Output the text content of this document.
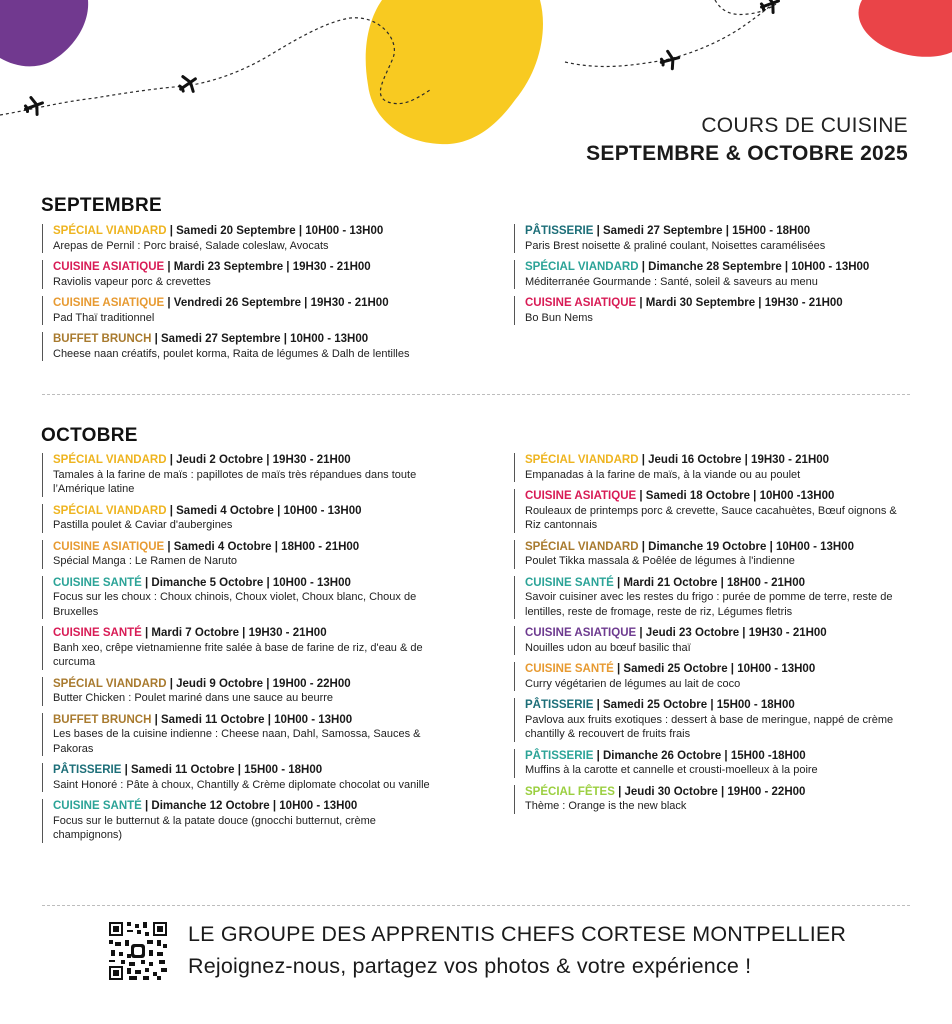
COURS DE CUISINE
SEPTEMBRE & OCTOBRE 2025
SEPTEMBRE
SPÉCIAL VIANDARD | Samedi 20 Septembre | 10H00 - 13H00
Arepas de Pernil : Porc braisé, Salade coleslaw, Avocats
CUISINE ASIATIQUE | Mardi 23 Septembre | 19H30 - 21H00
Raviolis vapeur porc & crevettes
CUISINE ASIATIQUE | Vendredi 26 Septembre | 19H30 - 21H00
Pad Thaï traditionnel
BUFFET BRUNCH | Samedi 27 Septembre | 10H00 - 13H00
Cheese naan créatifs, poulet korma, Raita de légumes & Dalh de lentilles
PÂTISSERIE | Samedi 27 Septembre | 15H00 - 18H00
Paris Brest noisette & praliné coulant, Noisettes caramélisées
SPÉCIAL VIANDARD | Dimanche 28 Septembre | 10H00 - 13H00
Méditerranée Gourmande : Santé, soleil & saveurs au menu
CUISINE ASIATIQUE | Mardi 30 Septembre | 19H30 - 21H00
Bo Bun Nems
OCTOBRE
SPÉCIAL VIANDARD | Jeudi 2 Octobre | 19H30 - 21H00
Tamales à la farine de maïs : papillotes de maïs très répandues dans toute l’Amérique latine
SPÉCIAL VIANDARD | Samedi 4 Octobre | 10H00 - 13H00
Pastilla poulet & Caviar d'aubergines
CUISINE ASIATIQUE | Samedi 4 Octobre | 18H00 - 21H00
Spécial Manga : Le Ramen de Naruto
CUISINE SANTÉ | Dimanche 5 Octobre | 10H00 - 13H00
Focus sur les choux : Choux chinois, Choux violet, Choux blanc, Choux de Bruxelles
CUISINE SANTÉ | Mardi 7 Octobre | 19H30 - 21H00
Banh xeo, crêpe vietnamienne frite salée à base de farine de riz, d'eau & de curcuma
SPÉCIAL VIANDARD | Jeudi 9 Octobre | 19H00 - 22H00
Butter Chicken : Poulet mariné dans une sauce au beurre
BUFFET BRUNCH | Samedi 11 Octobre | 10H00 - 13H00
Les bases de la cuisine indienne : Cheese naan, Dahl, Samossa, Sauces & Pakoras
PÂTISSERIE | Samedi 11 Octobre | 15H00 - 18H00
Saint Honoré : Pâte à choux, Chantilly & Crème diplomate chocolat ou vanille
CUISINE SANTÉ | Dimanche 12 Octobre | 10H00 - 13H00
Focus sur le butternut & la patate douce (gnocchi butternut, crème champignons)
SPÉCIAL VIANDARD | Jeudi 16 Octobre | 19H30 - 21H00
Empanadas à la farine de maïs, à la viande ou au poulet
CUISINE ASIATIQUE | Samedi 18 Octobre | 10H00 -13H00
Rouleaux de printemps porc & crevette, Sauce cacahuètes, Bœuf oignons & Riz cantonnais
SPÉCIAL VIANDARD | Dimanche 19 Octobre | 10H00 - 13H00
Poulet Tikka massala & Poêlée de légumes à l'indienne
CUISINE SANTÉ | Mardi 21 Octobre | 18H00 - 21H00
Savoir cuisiner avec les restes du frigo : purée de pomme de terre, reste de lentilles, reste de fromage, reste de riz, Légumes fletris
CUISINE ASIATIQUE | Jeudi 23 Octobre | 19H30 - 21H00
Nouilles udon au bœuf basilic thaï
CUISINE SANTÉ | Samedi 25 Octobre | 10H00 - 13H00
Curry végétarien de légumes au lait de coco
PÂTISSERIE | Samedi 25 Octobre | 15H00 - 18H00
Pavlova aux fruits exotiques : dessert à base de meringue, nappé de crème chantilly & recouvert de fruits frais
PÂTISSERIE | Dimanche 26 Octobre | 15H00 -18H00
Muffins à la carotte et cannelle et crousti-moelleux à la poire
SPÉCIAL FÊTES | Jeudi 30 Octobre | 19H00 - 22H00
Thème : Orange is the new black
LE GROUPE DES APPRENTIS CHEFS CORTESE MONTPELLIER
Rejoignez-nous, partagez vos photos & votre expérience !
